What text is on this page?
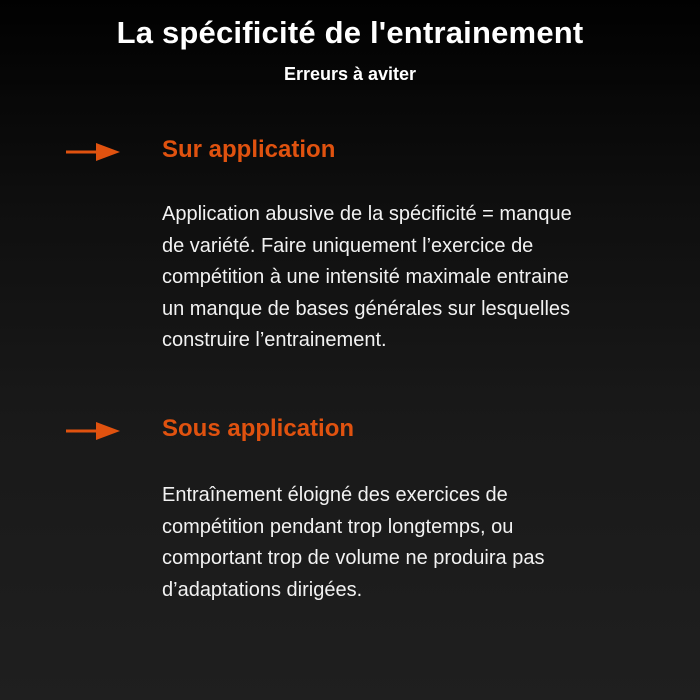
La spécificité de l'entrainement
Erreurs à aviter
Sur application
Application abusive de la spécificité = manque
de variété. Faire uniquement l’exercice de
compétition à une intensité maximale entraine
un manque de bases générales sur lesquelles
construire l’entrainement.
Sous application
Entraînement éloigné des exercices de
compétition pendant trop longtemps, ou
comportant trop de volume ne produira pas
d’adaptations dirigées.
